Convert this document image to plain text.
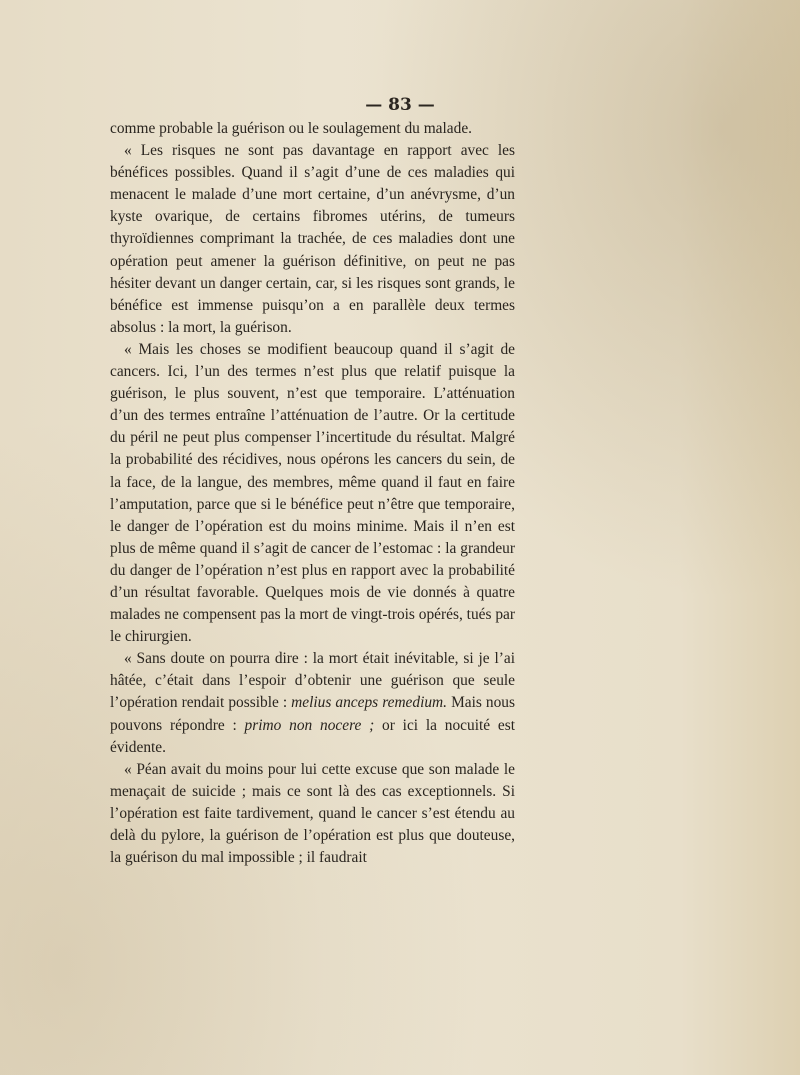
— 83 —

comme probable la guérison ou le soulagement du malade.

« Les risques ne sont pas davantage en rapport avec les bénéfices possibles. Quand il s’agit d’une de ces maladies qui menacent le malade d’une mort certaine, d’un anévrysme, d’un kyste ovarique, de certains fibromes utérins, de tumeurs thyroïdiennes comprimant la trachée, de ces maladies dont une opération peut amener la guérison définitive, on peut ne pas hésiter devant un danger certain, car, si les risques sont grands, le bénéfice est immense puisqu’on a en parallèle deux termes absolus : la mort, la guérison.

« Mais les choses se modifient beaucoup quand il s’agit de cancers. Ici, l’un des termes n’est plus que relatif puisque la guérison, le plus souvent, n’est que temporaire. L’atténuation d’un des termes entraîne l’atténuation de l’autre. Or la certitude du péril ne peut plus compenser l’incertitude du résultat. Malgré la probabilité des récidives, nous opérons les cancers du sein, de la face, de la langue, des membres, même quand il faut en faire l’amputation, parce que si le bénéfice peut n’être que temporaire, le danger de l’opération est du moins minime. Mais il n’en est plus de même quand il s’agit de cancer de l’estomac : la grandeur du danger de l’opération n’est plus en rapport avec la probabilité d’un résultat favorable. Quelques mois de vie donnés à quatre malades ne compensent pas la mort de vingt-trois opérés, tués par le chirurgien.

« Sans doute on pourra dire : la mort était inévitable, si je l’ai hâtée, c’était dans l’espoir d’obtenir une guérison que seule l’opération rendait possible : melius anceps remedium. Mais nous pouvons répondre : primo non nocere ; or ici la nocuité est évidente.

« Péan avait du moins pour lui cette excuse que son malade le menaçait de suicide ; mais ce sont là des cas exceptionnels. Si l’opération est faite tardivement, quand le cancer s’est étendu au delà du pylore, la guérison de l’opération est plus que douteuse, la guérison du mal impossible ; il faudrait
